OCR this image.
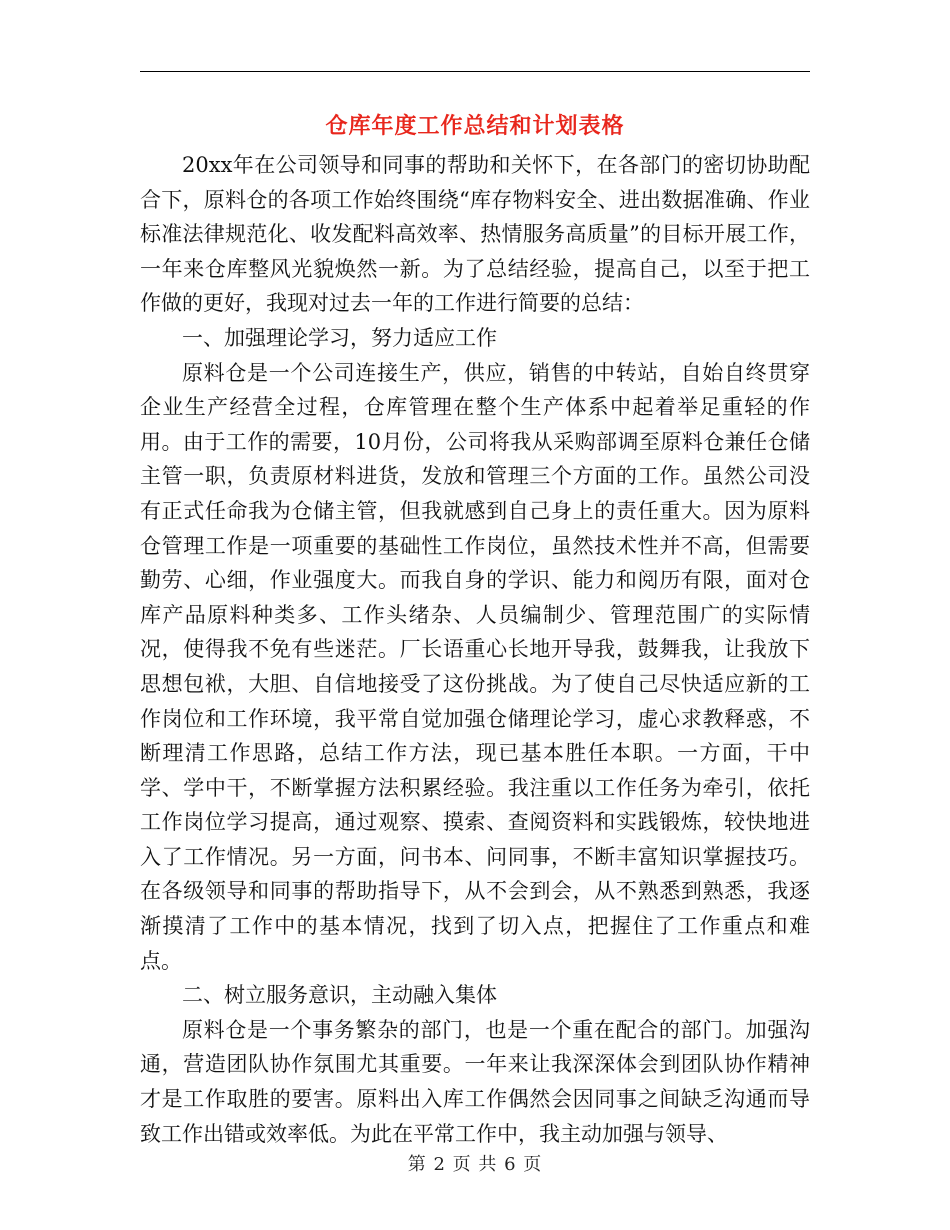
仓库年度工作总结和计划表格

20xx年在公司领导和同事的帮助和关怀下，在各部门的密切协助配合下，原料仓的各项工作始终围绕“库存物料安全、进出数据准确、作业标准法律规范化、收发配料高效率、热情服务高质量”的目标开展工作，一年来仓库整风光貌焕然一新。为了总结经验，提高自己，以至于把工作做的更好，我现对过去一年的工作进行简要的总结：

一、加强理论学习，努力适应工作

原料仓是一个公司连接生产，供应，销售的中转站，自始自终贯穿企业生产经营全过程，仓库管理在整个生产体系中起着举足重轻的作用。由于工作的需要，10月份，公司将我从采购部调至原料仓兼任仓储主管一职，负责原材料进货，发放和管理三个方面的工作。虽然公司没有正式任命我为仓储主管，但我就感到自己身上的责任重大。因为原料仓管理工作是一项重要的基础性工作岗位，虽然技术性并不高，但需要勤劳、心细，作业强度大。而我自身的学识、能力和阅历有限，面对仓库产品原料种类多、工作头绪杂、人员编制少、管理范围广的实际情况，使得我不免有些迷茫。厂长语重心长地开导我，鼓舞我，让我放下思想包袱，大胆、自信地接受了这份挑战。为了使自己尽快适应新的工作岗位和工作环境，我平常自觉加强仓储理论学习，虚心求教释惑，不断理清工作思路，总结工作方法，现已基本胜任本职。一方面，干中学、学中干，不断掌握方法积累经验。我注重以工作任务为牵引，依托工作岗位学习提高，通过观察、摸索、查阅资料和实践锻炼，较快地进入了工作情况。另一方面，问书本、问同事，不断丰富知识掌握技巧。在各级领导和同事的帮助指导下，从不会到会，从不熟悉到熟悉，我逐渐摸清了工作中的基本情况，找到了切入点，把握住了工作重点和难点。

二、树立服务意识，主动融入集体

原料仓是一个事务繁杂的部门，也是一个重在配合的部门。加强沟通，营造团队协作氛围尤其重要。一年来让我深深体会到团队协作精神才是工作取胜的要害。原料出入库工作偶然会因同事之间缺乏沟通而导致工作出错或效率低。为此在平常工作中，我主动加强与领导、

第 2 页 共 6 页
